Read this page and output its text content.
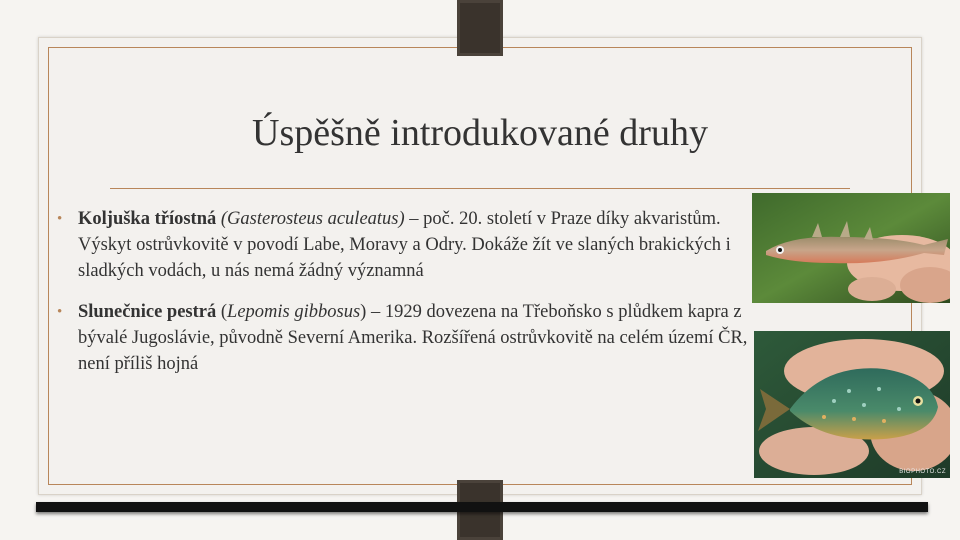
Úspěšně introdukované druhy
• Koljuška tříostná (Gasterosteus aculeatus) – poč. 20. století v Praze díky akvaristům. Výskyt ostrůvkovitě v povodí Labe, Moravy a Odry. Dokáže žít ve slaných brakických i sladkých vodách, u nás nemá žádný významná
• Slunečnice pestrá (Lepomis gibbosus) – 1929 dovezena na Třeboňsko s plůdkem kapra z bývalé Jugoslávie, původně Severní Amerika. Rozšířená ostrůvkovitě na celém území ČR, není příliš hojná
BIOPHOTO.CZ
